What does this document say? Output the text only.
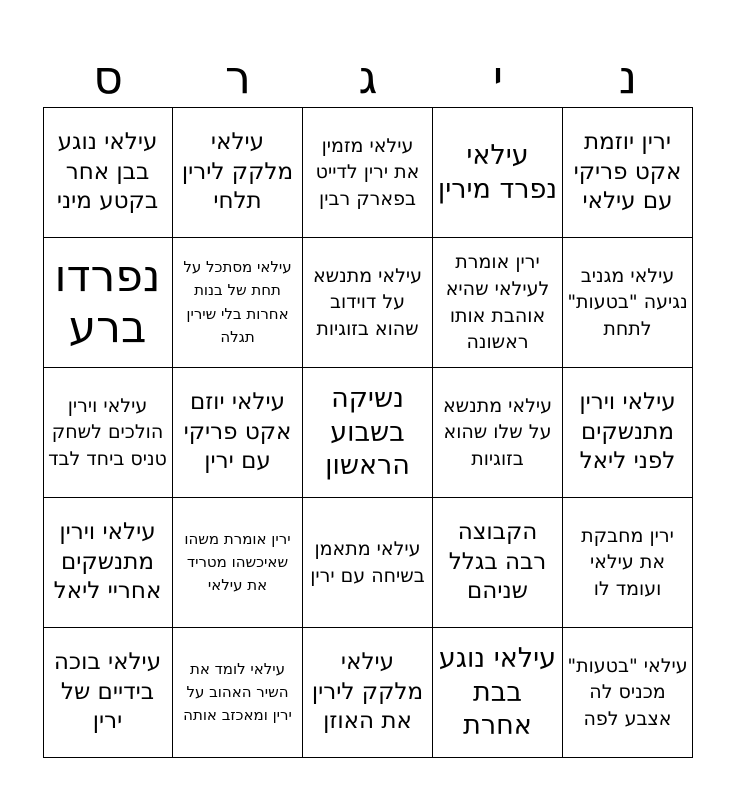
נ
י
ג
ר
ס
ירין יוזמת אקט פריקי עם עילאי
עילאי נפרד מירין
עילאי מזמין את ירין לדייט בפארק רבין
עילאי מלקק לירין תלחי
עילאי נוגע בבן אחר בקטע מיני
עילאי מגניב נגיעה "בטעות" לתחת
ירין אומרת לעילאי שהיא אוהבת אותו ראשונה
עילאי מתנשא על דוידוב שהוא בזוגיות
עילאי מסתכל על תחת של בנות אחרות בלי שירין תגלה
נפרדו ברע
עילאי וירין מתנשקים לפני ליאל
עילאי מתנשא על שלו שהוא בזוגיות
נשיקה בשבוע הראשון
עילאי יוזם אקט פריקי עם ירין
עילאי וירין הולכים לשחק טניס ביחד לבד
ירין מחבקת את עילאי ועומד לו
הקבוצה רבה בגלל שניהם
עילאי מתאמן בשיחה עם ירין
ירין אומרת משהו שאיכשהו מטריד את עילאי
עילאי וירין מתנשקים אחריי ליאל
עילאי "בטעות" מכניס לה אצבע לפה
עילאי נוגע בבת אחרת
עילאי מלקק לירין את האוזן
עילאי לומד את השיר האהוב על ירין ומאכזב אותה
עילאי בוכה בידיים של ירין
